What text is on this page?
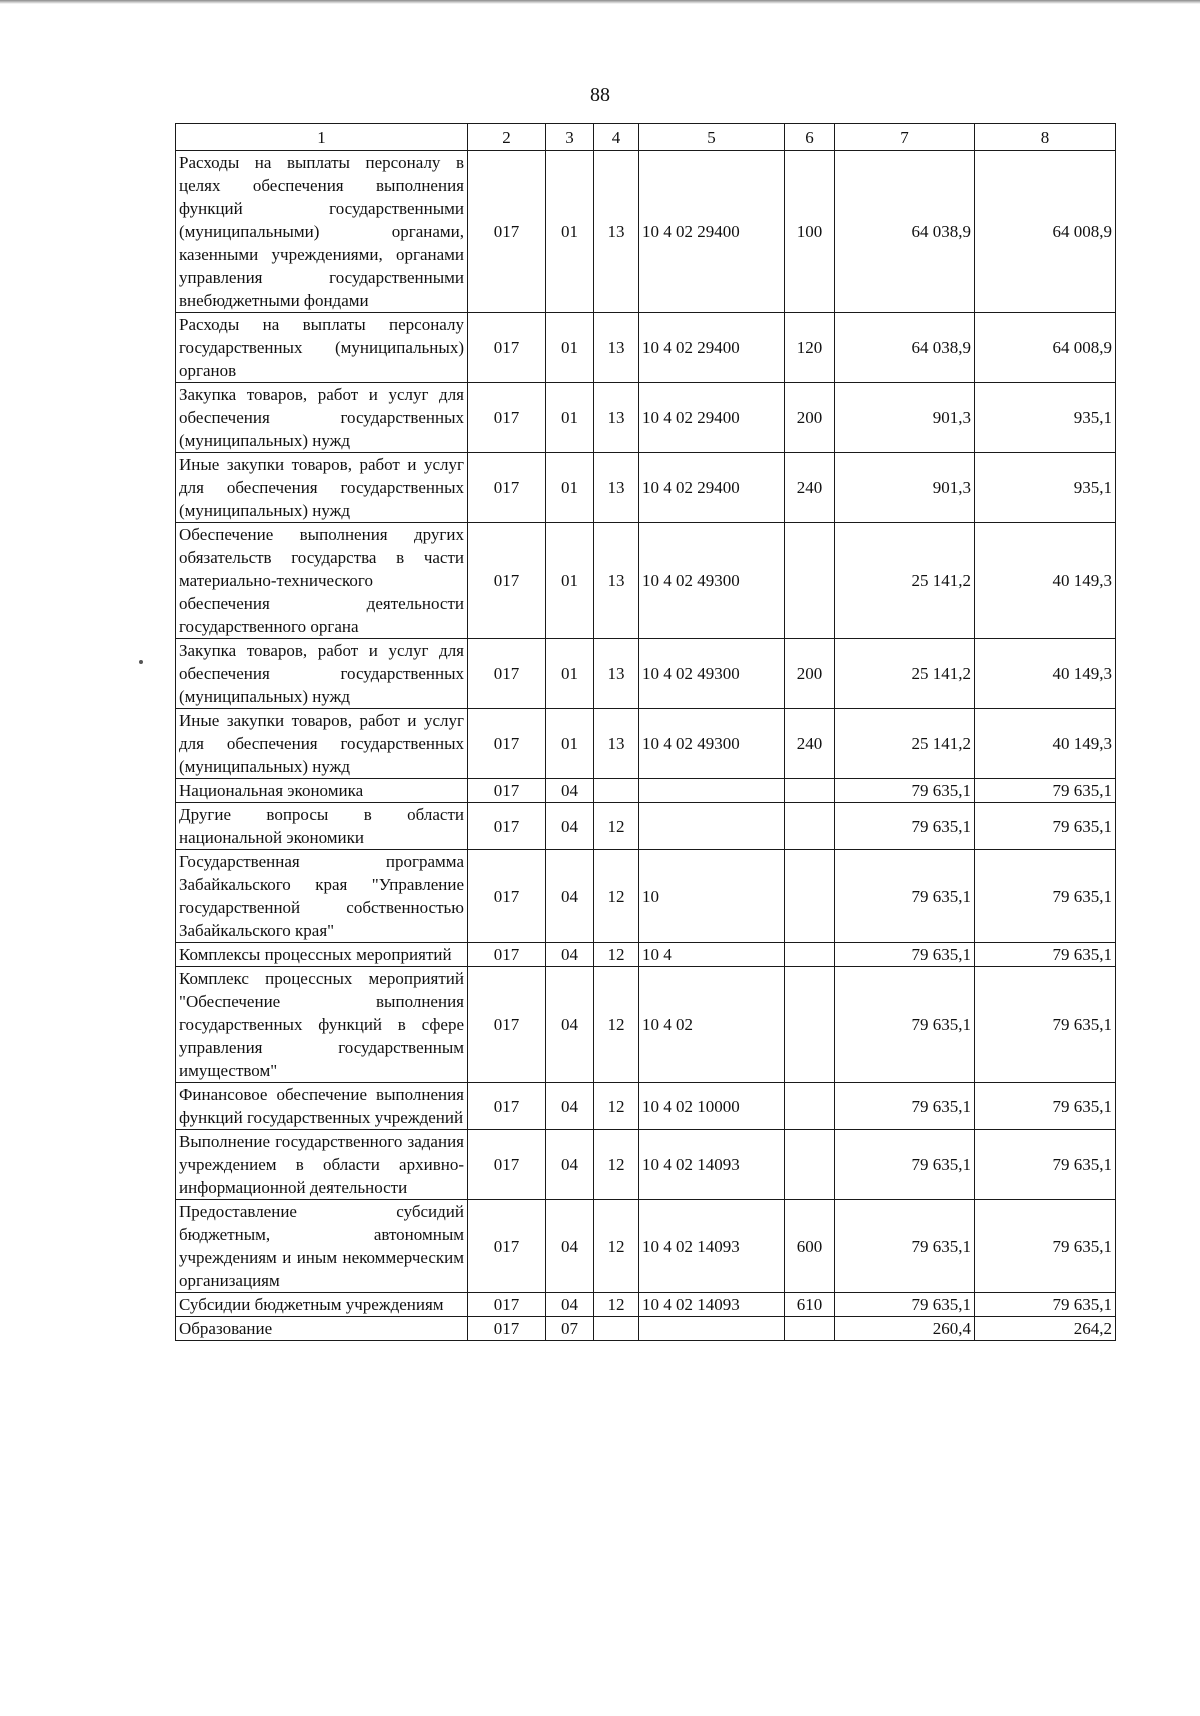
88
1	2	3	4	5	6	7	8
Расходы на выплаты персоналу в целях обеспечения выполнения функций государственными (муниципальными) органами, казенными учреждениями, органами управления государственными внебюджетными фондами	017	01	13	10 4 02 29400	100	64 038,9	64 008,9
Расходы на выплаты персоналу государственных (муниципальных) органов	017	01	13	10 4 02 29400	120	64 038,9	64 008,9
Закупка товаров, работ и услуг для обеспечения государственных (муниципальных) нужд	017	01	13	10 4 02 29400	200	901,3	935,1
Иные закупки товаров, работ и услуг для обеспечения государственных (муниципальных) нужд	017	01	13	10 4 02 29400	240	901,3	935,1
Обеспечение выполнения других обязательств государства в части материально-технического обеспечения деятельности государственного органа	017	01	13	10 4 02 49300		25 141,2	40 149,3
Закупка товаров, работ и услуг для обеспечения государственных (муниципальных) нужд	017	01	13	10 4 02 49300	200	25 141,2	40 149,3
Иные закупки товаров, работ и услуг для обеспечения государственных (муниципальных) нужд	017	01	13	10 4 02 49300	240	25 141,2	40 149,3
Национальная экономика	017	04				79 635,1	79 635,1
Другие вопросы в области национальной экономики	017	04	12			79 635,1	79 635,1
Государственная программа Забайкальского края "Управление государственной собственностью Забайкальского края"	017	04	12	10		79 635,1	79 635,1
Комплексы процессных мероприятий	017	04	12	10 4		79 635,1	79 635,1
Комплекс процессных мероприятий "Обеспечение выполнения государственных функций в сфере управления государственным имуществом"	017	04	12	10 4 02		79 635,1	79 635,1
Финансовое обеспечение выполнения функций государственных учреждений	017	04	12	10 4 02 10000		79 635,1	79 635,1
Выполнение государственного задания учреждением в области архивно-информационной деятельности	017	04	12	10 4 02 14093		79 635,1	79 635,1
Предоставление субсидий бюджетным, автономным учреждениям и иным некоммерческим организациям	017	04	12	10 4 02 14093	600	79 635,1	79 635,1
Субсидии бюджетным учреждениям	017	04	12	10 4 02 14093	610	79 635,1	79 635,1
Образование	017	07				260,4	264,2
